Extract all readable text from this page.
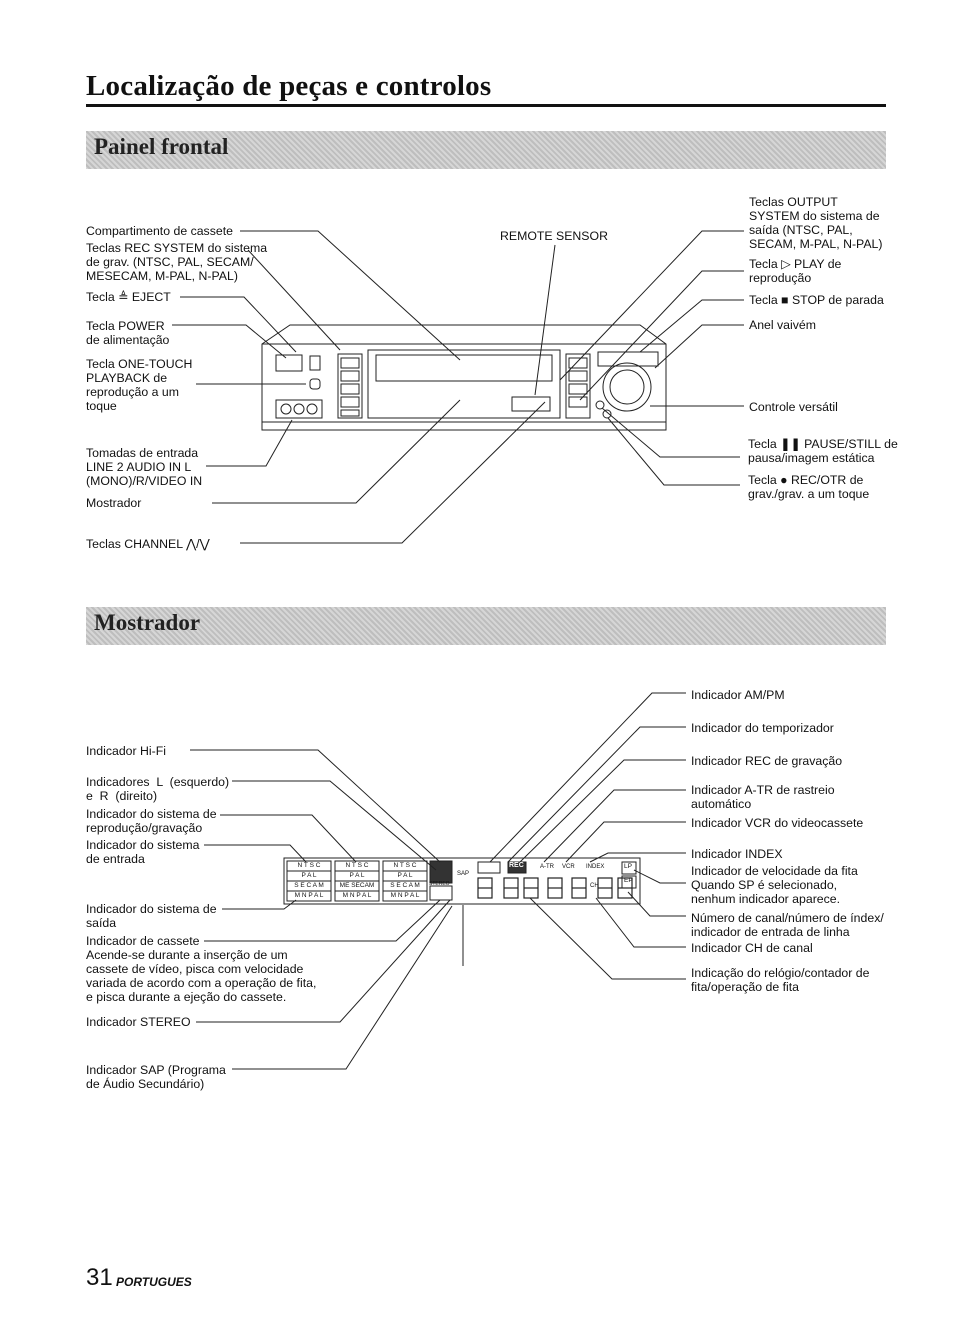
Localização de peças e controlos
Painel frontal
Mostrador
Compartimento de cassete
Teclas REC SYSTEM do sistema
de grav. (NTSC, PAL, SECAM/
MESECAM, M-PAL, N-PAL)
Tecla ≜ EJECT
Tecla POWER
de alimentação
Tecla ONE-TOUCH
PLAYBACK de
reprodução a um
toque
Tomadas de entrada
LINE 2 AUDIO IN L
(MONO)/R/VIDEO IN
Mostrador
Teclas CHANNEL ⋀/⋁
REMOTE SENSOR
Teclas OUTPUT
SYSTEM do sistema de
saída (NTSC, PAL,
SECAM, M-PAL, N-PAL)
Tecla ▷ PLAY de
reprodução
Tecla ■ STOP de parada
Anel vaivém
Controle versátil
Tecla ❚❚ PAUSE/STILL de
pausa/imagem estática
Tecla ● REC/OTR de
grav./grav. a um toque
Indicador Hi-Fi
Indicadores  L  (esquerdo)
e  R  (direito)
Indicador do sistema de
reprodução/gravação
Indicador do sistema
de entrada
Indicador do sistema de
saída
Indicador de cassete
Acende-se durante a inserção de um
cassete de vídeo, pisca com velocidade
variada de acordo com a operação de fita,
e pisca durante a ejeção do cassete.
Indicador STEREO
Indicador SAP (Programa
de Áudio Secundário)
Indicador AM/PM
Indicador do temporizador
Indicador REC de gravação
Indicador A-TR de rastreio
automático
Indicador VCR do videocassete
Indicador INDEX
Indicador de velocidade da fita
Quando SP é selecionado,
nenhum indicador aparece.
Número de canal/número de índex/
indicador de entrada de linha
Indicador CH de canal
Indicação do relógio/contador de
fita/operação de fita
N T S C
P A L
S E C A M
M N P A L
N T S C
P A L
ME SECAM
M N P A L
N T S C
P A L
S E C A M
M N P A L
SAP
STEREO
REC	A-TR VCR INDEX	LP
EP
CH
31 PORTUGUES
